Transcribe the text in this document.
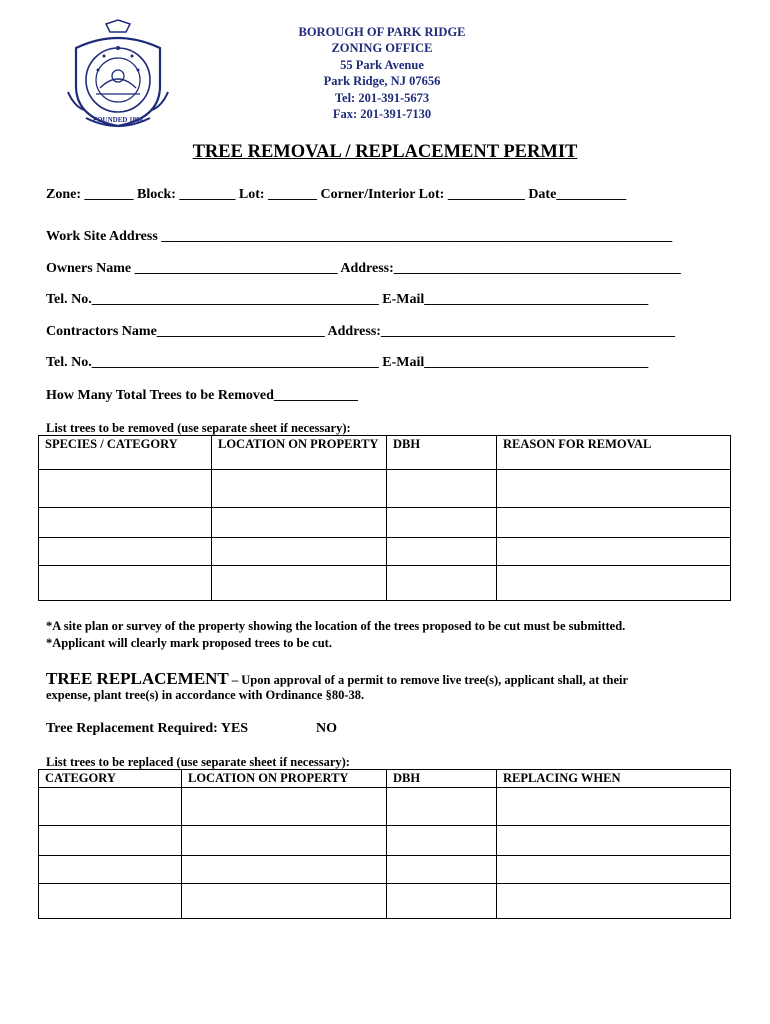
FOUNDED 1894
BOROUGH OF PARK RIDGE
ZONING OFFICE
55 Park Avenue
Park Ridge, NJ 07656
Tel: 201-391-5673
Fax: 201-391-7130
TREE REMOVAL / REPLACEMENT PERMIT
Zone: _______ Block: ________ Lot: _______ Corner/Interior Lot: ___________ Date__________
Work Site Address _________________________________________________________________________
Owners Name _____________________________ Address:_________________________________________
Tel. No._________________________________________ E-Mail________________________________
Contractors Name________________________ Address:__________________________________________
Tel. No._________________________________________ E-Mail________________________________
How Many Total Trees to be Removed____________
List trees to be removed (use separate sheet if necessary):
SPECIES / CATEGORY	LOCATION ON PROPERTY	DBH	REASON FOR REMOVAL

*A site plan or survey of the property showing the location of the trees proposed to be cut must be submitted.
*Applicant will clearly mark proposed trees to be cut.
TREE REPLACEMENT – Upon approval of a permit to remove live tree(s), applicant shall, at their
expense, plant tree(s) in accordance with Ordinance §80-38.
Tree Replacement Required: YES	NO
List trees to be replaced (use separate sheet if necessary):
CATEGORY	LOCATION ON PROPERTY	DBH	REPLACING WHEN
